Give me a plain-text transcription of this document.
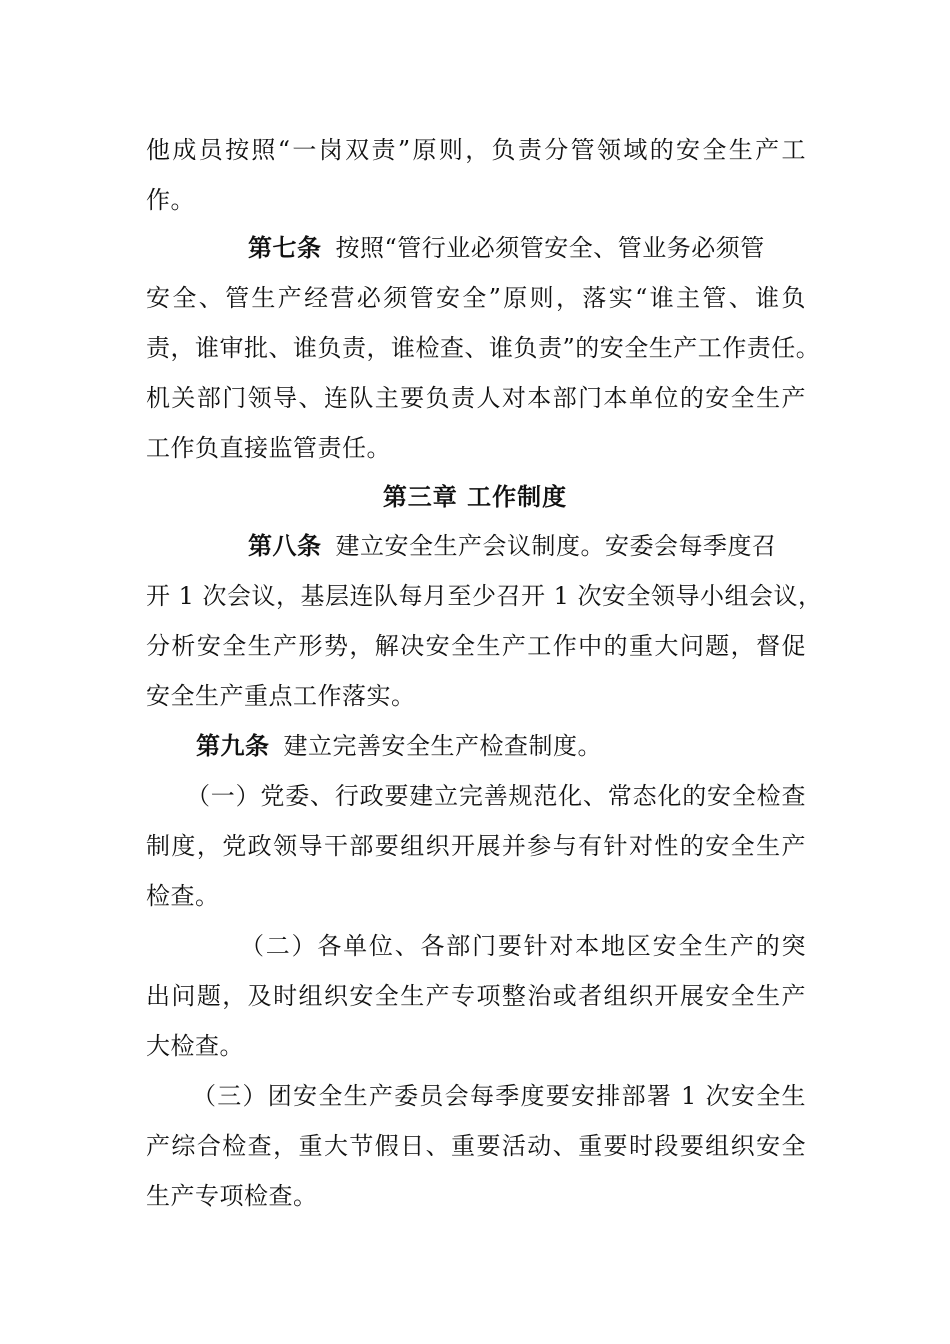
他成员按照“一岗双责”原则，负责分管领域的安全生产工
作。
第七条 按照“管行业必须管安全、管业务必须管
安全、管生产经营必须管安全”原则，落实“谁主管、谁负
责，谁审批、谁负责，谁检查、谁负责”的安全生产工作责任。
机关部门领导、连队主要负责人对本部门本单位的安全生产
工作负直接监管责任。
第三章 工作制度
第八条 建立安全生产会议制度。安委会每季度召
开 1 次会议，基层连队每月至少召开 1 次安全领导小组会议，
分析安全生产形势，解决安全生产工作中的重大问题，督促
安全生产重点工作落实。
第九条 建立完善安全生产检查制度。
（一）党委、行政要建立完善规范化、常态化的安全检查
制度，党政领导干部要组织开展并参与有针对性的安全生产
检查。
（二）各单位、各部门要针对本地区安全生产的突
出问题，及时组织安全生产专项整治或者组织开展安全生产
大检查。
（三）团安全生产委员会每季度要安排部署 1 次安全生
产综合检查，重大节假日、重要活动、重要时段要组织安全
生产专项检查。
